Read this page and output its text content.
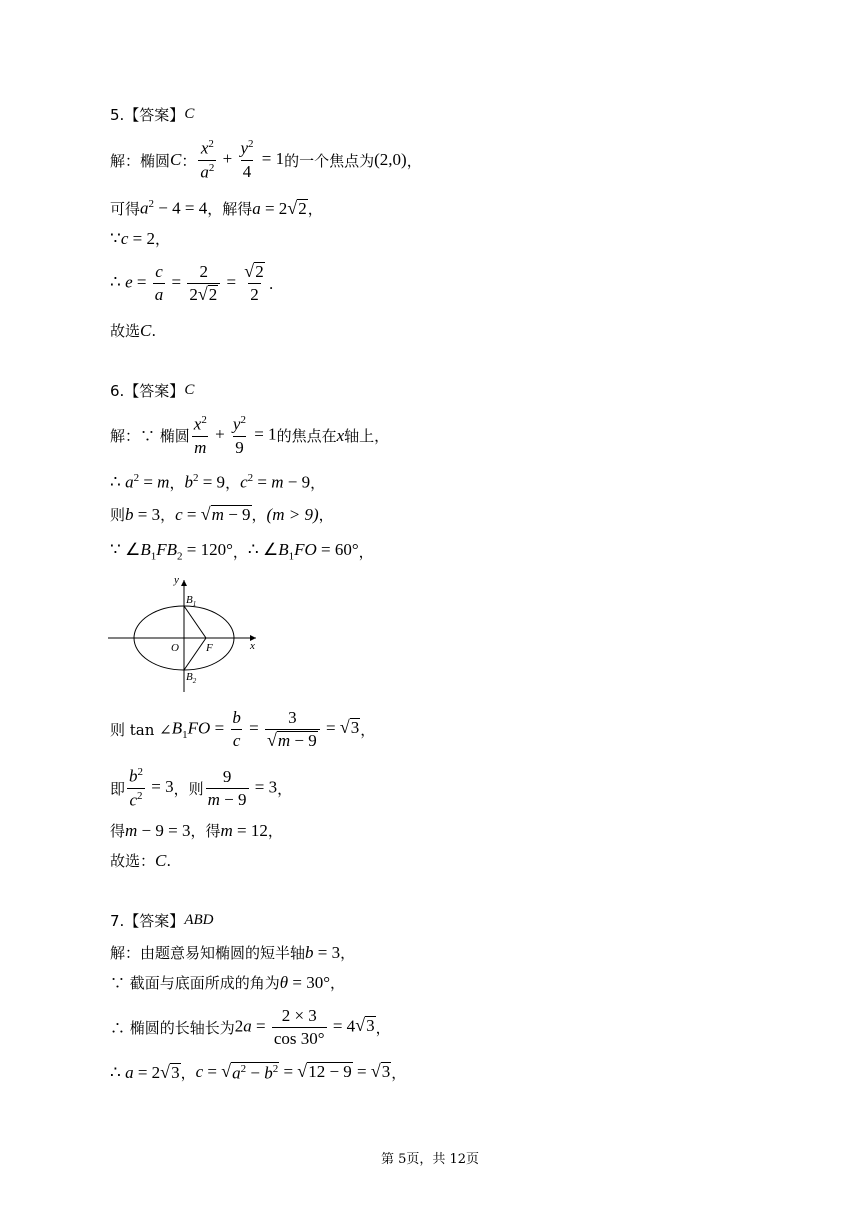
5.【答案】 C
解：椭圆 C ： $\frac{x^2}{a^2} + \frac{y^2}{4} = 1$ 的一个焦点为 (2,0) ，
可得 $a^2 - 4 = 4$ ，解得 a = 2 √ 2 ，
∵c = 2 ，
∴ $e = \frac{c}{a} = \frac{2}{2 √ 2} = \frac{√ 2}{2}$ .
故选 C .
6.【答案】 C
解：∵ 椭圆 $\frac{x^2}{m} + \frac{y^2}{9} = 1$ 的焦点在 x 轴上，
∴ $a^2 = m$ ， $b^2 = 9$ ， $c^2 = m - 9$ ，
则 b = 3 ， c = √ m − 9 ， (m > 9) ，
∵ $\angle B_1FB_2 = 120^\circ$ ， ∴ $\angle B_1FO = 60^\circ$ ，
y
x
O F
$B_1$
$B_2$
则 tan ∠ $B_1FO = \frac{b}{c} = \frac{3}{√ m - 9}$ = √ 3 ，
即 $\frac{b^2}{c^2} = 3$ ，则 $\frac{9}{m - 9} = 3$ ，
得 m − 9 = 3 ，得 m = 12 ，
故选： C .
7.【答案】 ABD
解：由题意易知椭圆的短半轴 b = 3 ，
∵ 截面与底面所成的角为 θ = 30° ，
∴ 椭圆的长轴长为 $2a = \frac{2 \times 3}{\cos 30^\circ} = 4$ √ 3 ，
∴ a = 2 √ 3 ， c = √ $a^2 - b^2$ = √ 12 − 9 = √ 3 ，
第 5页，共 12页
